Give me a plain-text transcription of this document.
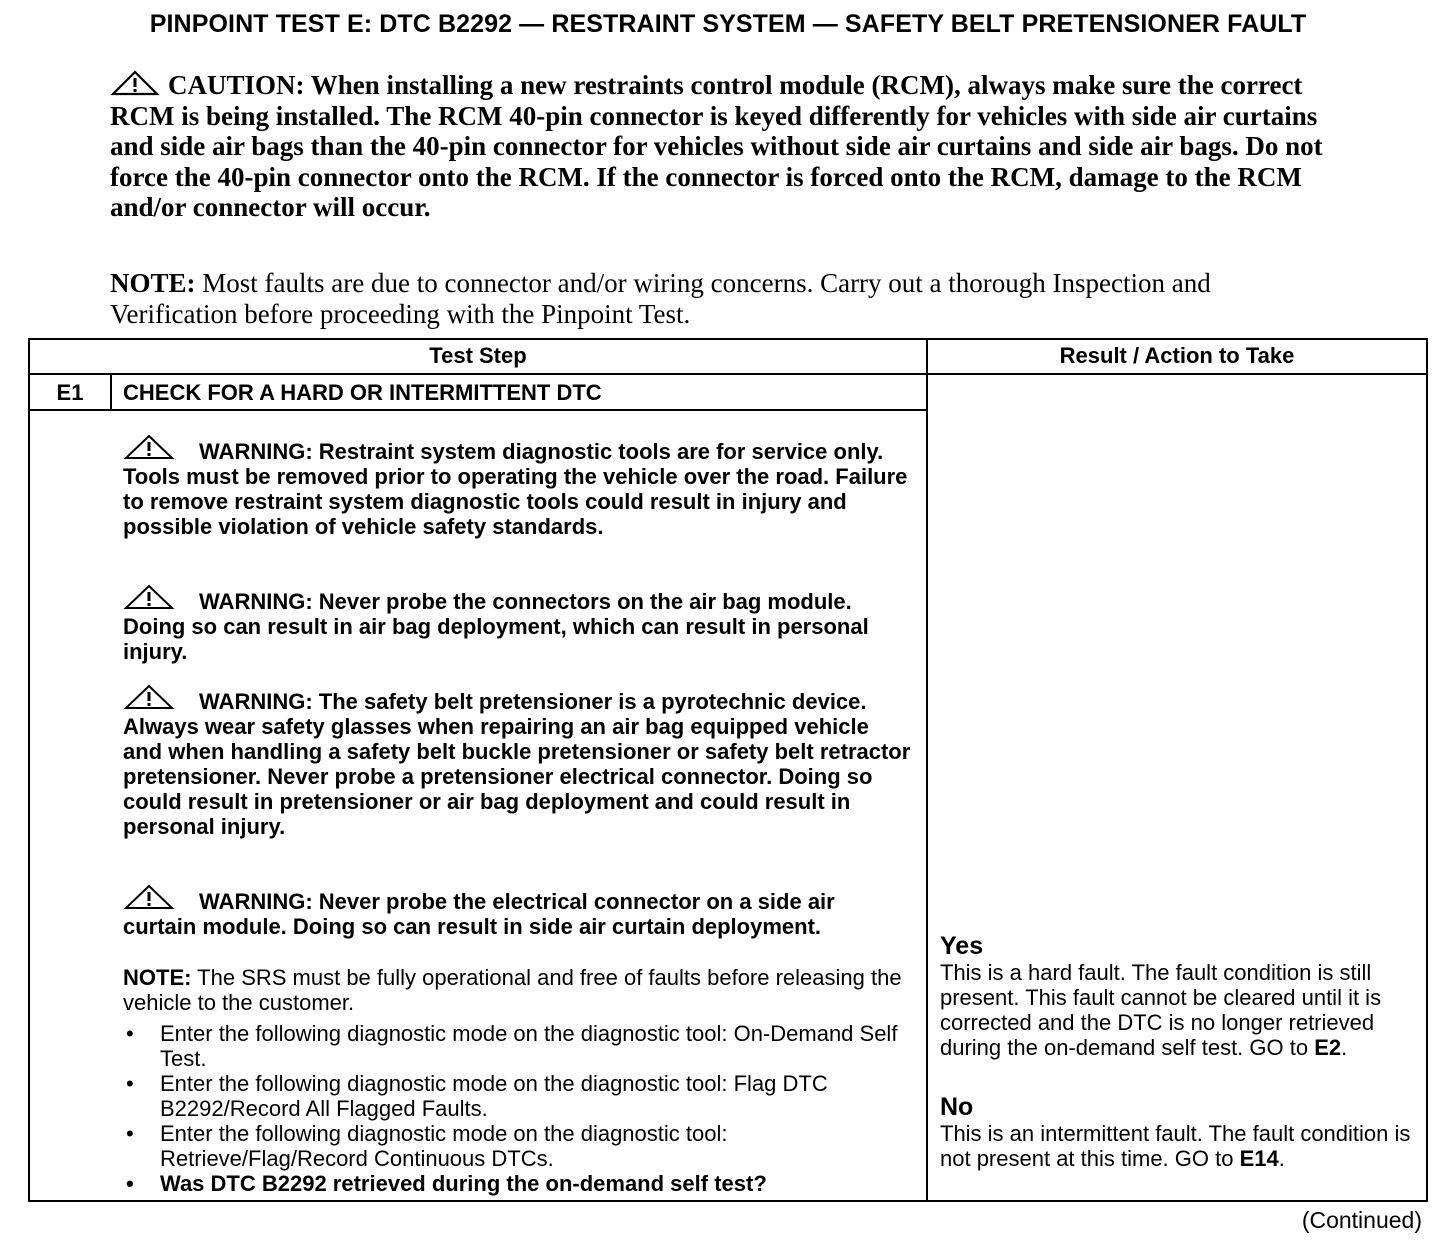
PINPOINT TEST E: DTC B2292 — RESTRAINT SYSTEM — SAFETY BELT PRETENSIONER FAULT
CAUTION: When installing a new restraints control module (RCM), always make sure the correct RCM is being installed. The RCM 40-pin connector is keyed differently for vehicles with side air curtains and side air bags than the 40-pin connector for vehicles without side air curtains and side air bags. Do not force the 40-pin connector onto the RCM. If the connector is forced onto the RCM, damage to the RCM and/or connector will occur.
NOTE: Most faults are due to connector and/or wiring concerns. Carry out a thorough Inspection and Verification before proceeding with the Pinpoint Test.
Test Step	Result / Action to Take
E1	CHECK FOR A HARD OR INTERMITTENT DTC
WARNING: Restraint system diagnostic tools are for service only. Tools must be removed prior to operating the vehicle over the road. Failure to remove restraint system diagnostic tools could result in injury and possible violation of vehicle safety standards.
WARNING: Never probe the connectors on the air bag module. Doing so can result in air bag deployment, which can result in personal injury.
WARNING: The safety belt pretensioner is a pyrotechnic device. Always wear safety glasses when repairing an air bag equipped vehicle and when handling a safety belt buckle pretensioner or safety belt retractor pretensioner. Never probe a pretensioner electrical connector. Doing so could result in pretensioner or air bag deployment and could result in personal injury.
WARNING: Never probe the electrical connector on a side air curtain module. Doing so can result in side air curtain deployment.
NOTE: The SRS must be fully operational and free of faults before releasing the vehicle to the customer.
• Enter the following diagnostic mode on the diagnostic tool: On-Demand Self Test.
• Enter the following diagnostic mode on the diagnostic tool: Flag DTC B2292/Record All Flagged Faults.
• Enter the following diagnostic mode on the diagnostic tool: Retrieve/Flag/Record Continuous DTCs.
• Was DTC B2292 retrieved during the on-demand self test?
Yes
This is a hard fault. The fault condition is still present. This fault cannot be cleared until it is corrected and the DTC is no longer retrieved during the on-demand self test. GO to E2.
No
This is an intermittent fault. The fault condition is not present at this time. GO to E14.
(Continued)
